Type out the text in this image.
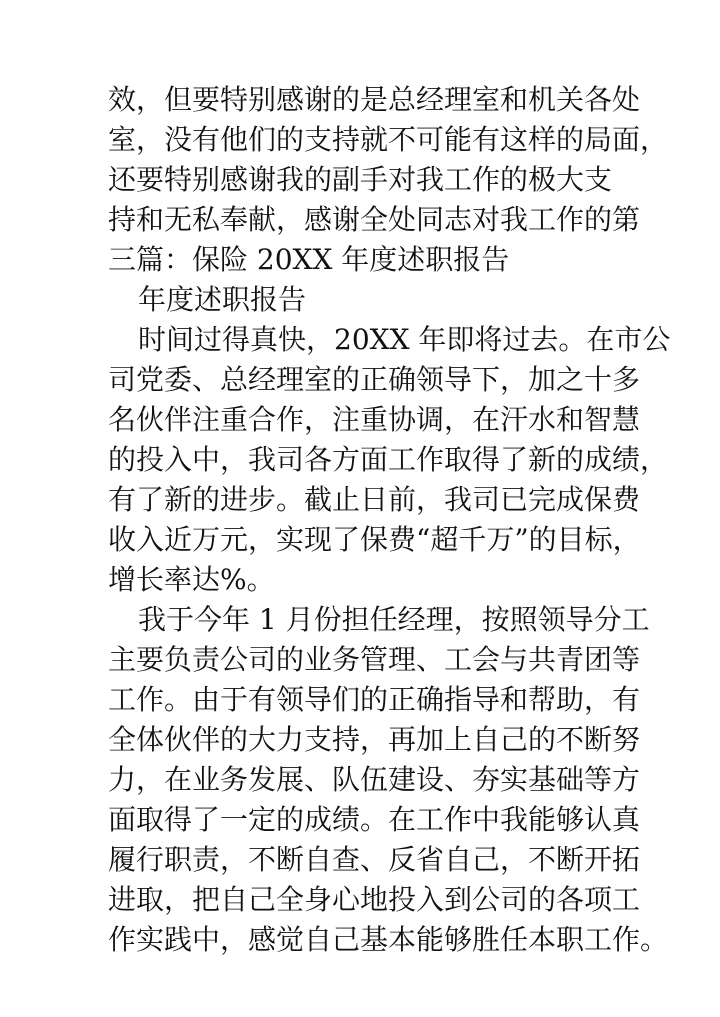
效，但要特别感谢的是总经理室和机关各处
室，没有他们的支持就不可能有这样的局面，
还要特别感谢我的副手对我工作的极大支
持和无私奉献，感谢全处同志对我工作的第
三篇：保险 20XX 年度述职报告
年度述职报告
时间过得真快，20XX 年即将过去。在市公
司党委、总经理室的正确领导下，加之十多
名伙伴注重合作，注重协调，在汗水和智慧
的投入中，我司各方面工作取得了新的成绩，
有了新的进步。截止日前，我司已完成保费
收入近万元，实现了保费“超千万”的目标，
增长率达%。
我于今年 1 月份担任经理，按照领导分工
主要负责公司的业务管理、工会与共青团等
工作。由于有领导们的正确指导和帮助，有
全体伙伴的大力支持，再加上自己的不断努
力，在业务发展、队伍建设、夯实基础等方
面取得了一定的成绩。在工作中我能够认真
履行职责，不断自查、反省自己，不断开拓
进取，把自己全身心地投入到公司的各项工
作实践中，感觉自己基本能够胜任本职工作。
